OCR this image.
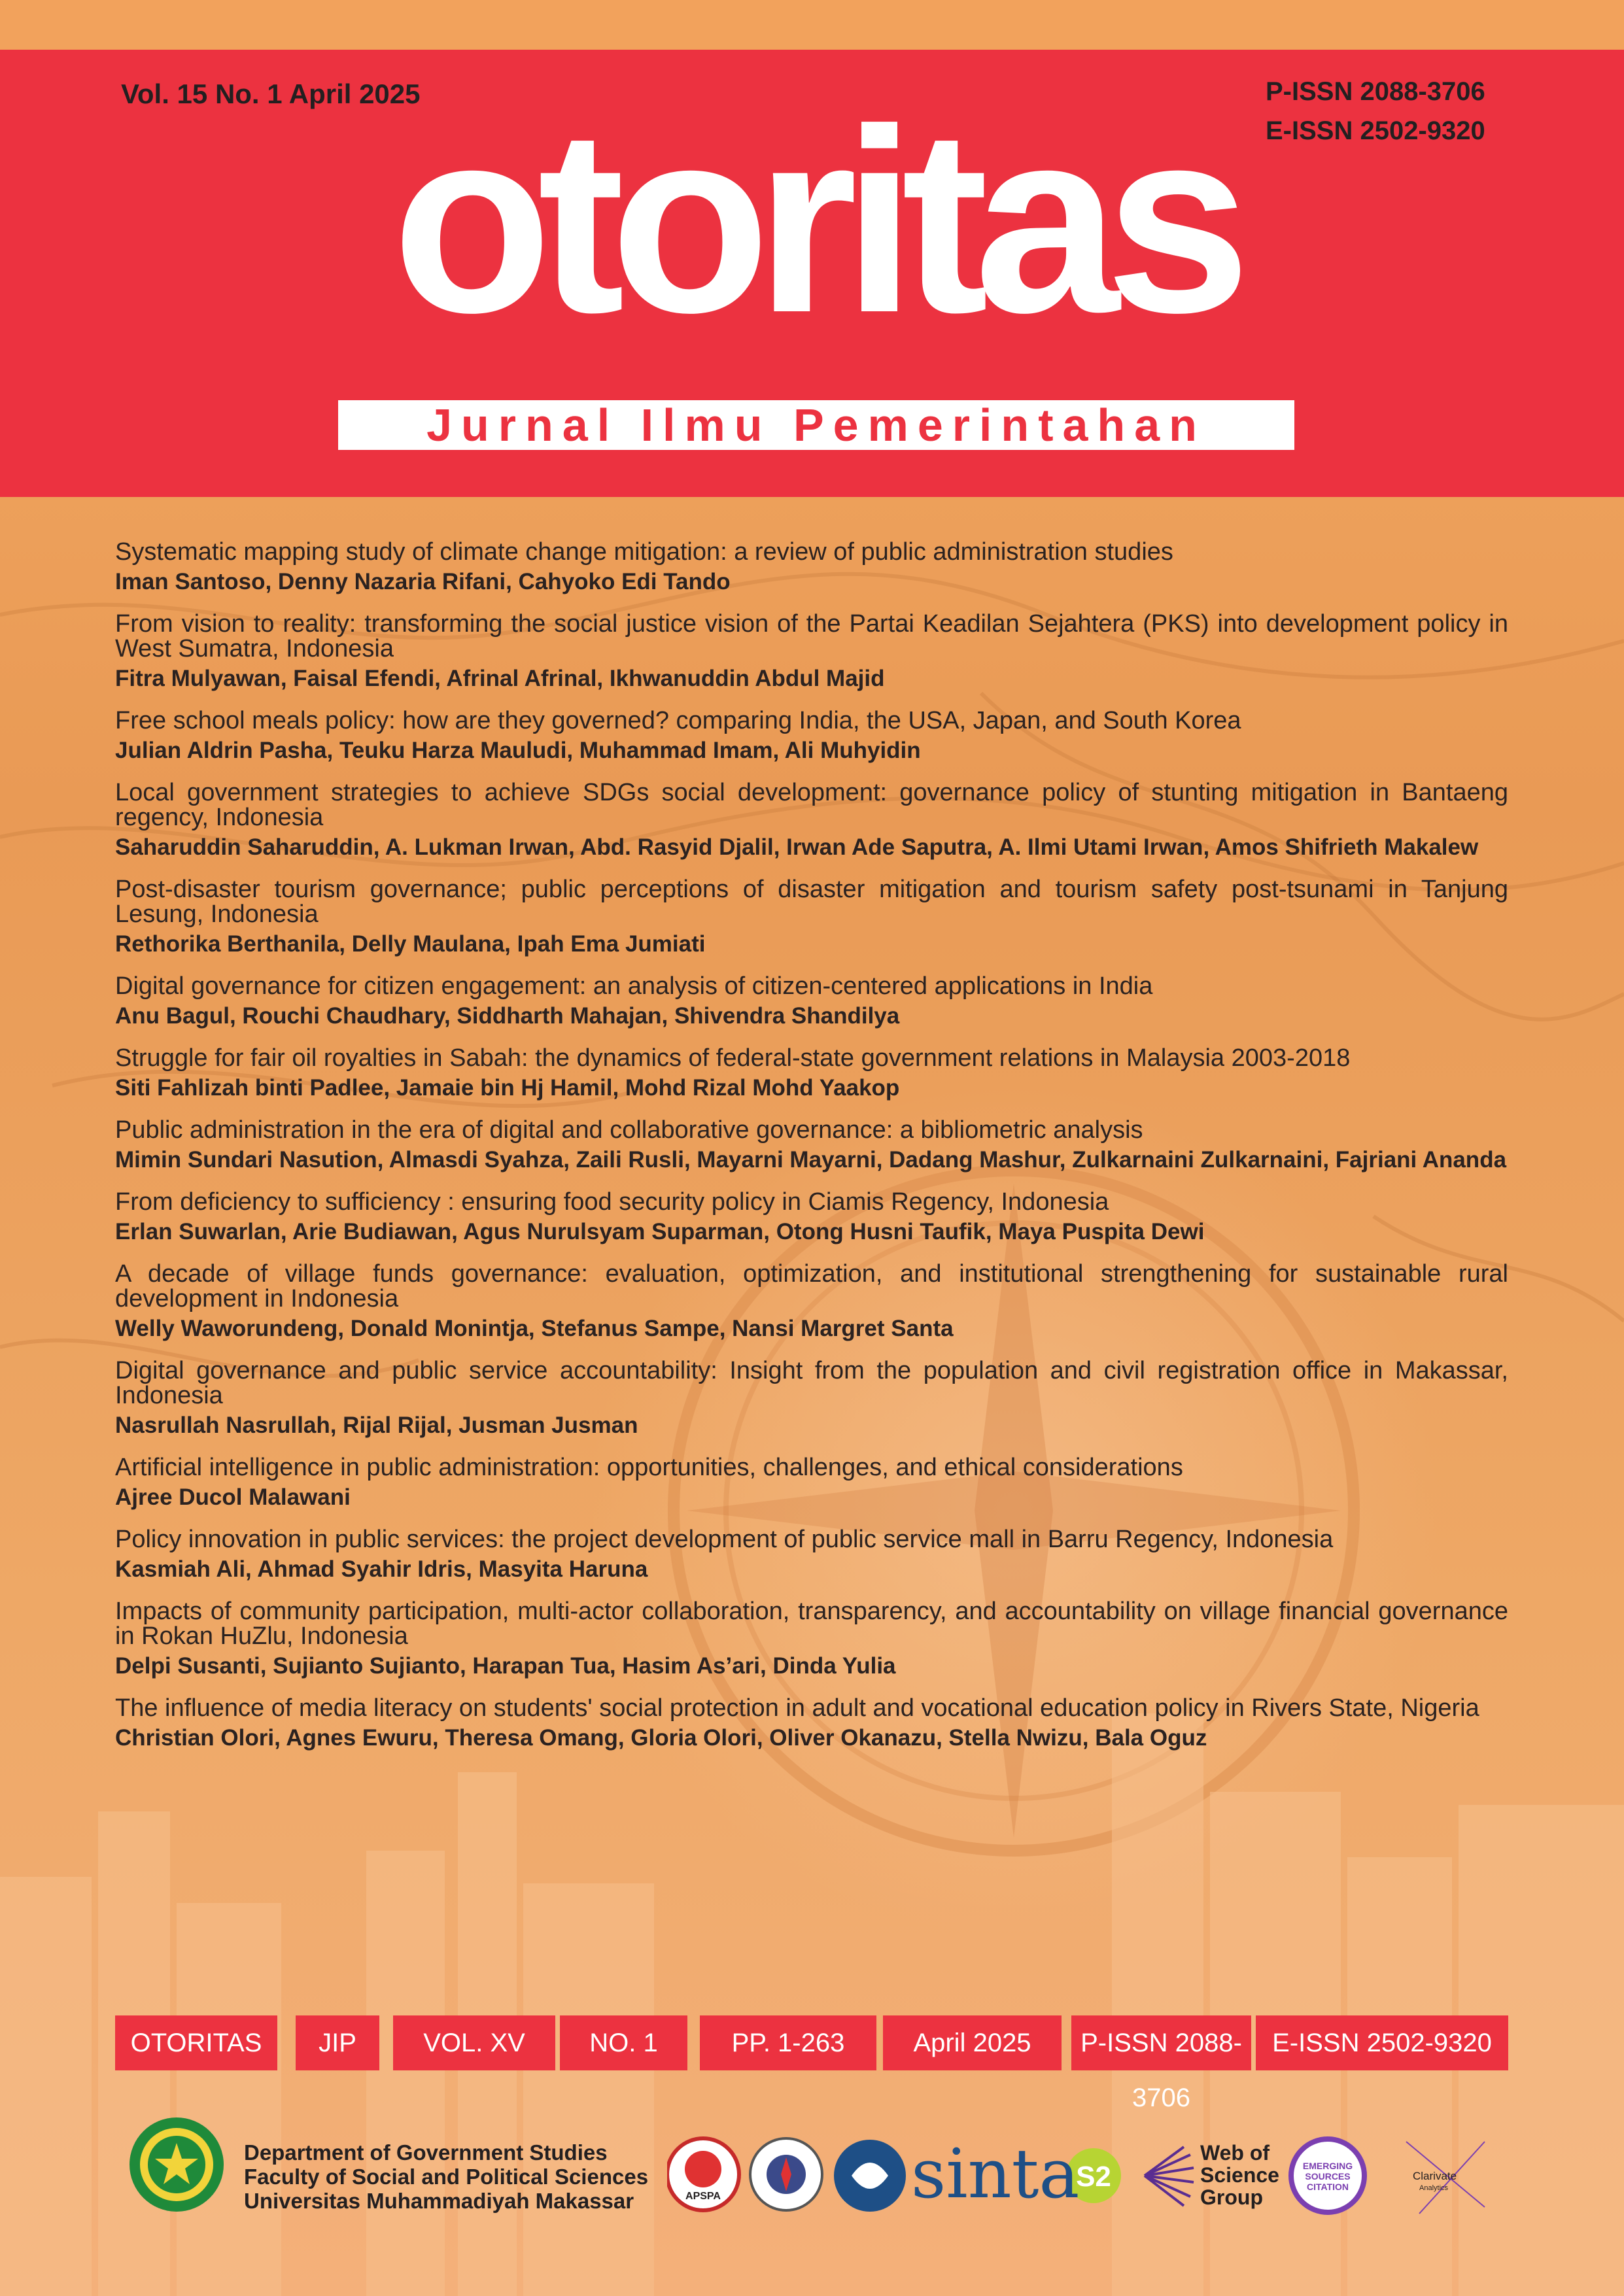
Vol. 15 No. 1 April 2025	P-ISSN 2088-3706
E-ISSN 2502-9320
otoritas
Jurnal Ilmu Pemerintahan
Systematic mapping study of climate change mitigation: a review of public administration studies
Iman Santoso, Denny Nazaria Rifani, Cahyoko Edi Tando
From vision to reality: transforming the social justice vision of the Partai Keadilan Sejahtera (PKS) into development policy in West Sumatra, Indonesia
Fitra Mulyawan, Faisal Efendi, Afrinal Afrinal, Ikhwanuddin Abdul Majid
Free school meals policy: how are they governed? comparing India, the USA, Japan, and South Korea
Julian Aldrin Pasha, Teuku Harza Mauludi, Muhammad Imam, Ali Muhyidin
Local government strategies to achieve SDGs social development: governance policy of stunting mitigation in Bantaeng regency, Indonesia
Saharuddin Saharuddin, A. Lukman Irwan, Abd. Rasyid Djalil, Irwan Ade Saputra, A. Ilmi Utami Irwan, Amos Shifrieth Makalew
Post-disaster tourism governance; public perceptions of disaster mitigation and tourism safety post-tsunami in Tanjung Lesung, Indonesia
Rethorika Berthanila, Delly Maulana, Ipah Ema Jumiati
Digital governance for citizen engagement: an analysis of citizen-centered applications in India
Anu Bagul, Rouchi Chaudhary, Siddharth Mahajan, Shivendra Shandilya
Struggle for fair oil royalties in Sabah: the dynamics of federal-state government relations in Malaysia 2003-2018
Siti Fahlizah binti Padlee, Jamaie bin Hj Hamil, Mohd Rizal Mohd Yaakop
Public administration in the era of digital and collaborative governance: a bibliometric analysis
Mimin Sundari Nasution, Almasdi Syahza, Zaili Rusli, Mayarni Mayarni, Dadang Mashur, Zulkarnaini Zulkarnaini, Fajriani Ananda
From deficiency to sufficiency : ensuring food security policy in Ciamis Regency, Indonesia
Erlan Suwarlan, Arie Budiawan, Agus Nurulsyam Suparman, Otong Husni Taufik, Maya Puspita Dewi
A decade of village funds governance: evaluation, optimization, and institutional strengthening for sustainable rural development in Indonesia
Welly Waworundeng, Donald Monintja, Stefanus Sampe, Nansi Margret Santa
Digital governance and public service accountability: Insight from the population and civil registration office in Makassar, Indonesia
Nasrullah Nasrullah, Rijal Rijal, Jusman Jusman
Artificial intelligence in public administration: opportunities, challenges, and ethical considerations
Ajree Ducol Malawani
Policy innovation in public services: the project development of public service mall in Barru Regency, Indonesia
Kasmiah Ali, Ahmad Syahir Idris, Masyita Haruna
Impacts of community participation, multi-actor collaboration, transparency, and accountability on village financial governance in Rokan HuZlu, Indonesia
Delpi Susanti, Sujianto Sujianto, Harapan Tua, Hasim As’ari, Dinda Yulia
The influence of media literacy on students' social protection in adult and vocational education policy in Rivers State, Nigeria
Christian Olori, Agnes Ewuru, Theresa Omang, Gloria Olori, Oliver Okanazu, Stella Nwizu, Bala Oguz
OTORITAS	JIP	VOL. XV	NO. 1	PP. 1-263	April 2025	P-ISSN 2088-3706
E-ISSN 2502-9320
Department of Government Studies
Faculty of Social and Political Sciences
Universitas Muhammadiyah Makassar	APSPA
S2
Web of
Science
Group
EMERGING
SOURCES
CITATION
Clarivate
Analytics
sinta
